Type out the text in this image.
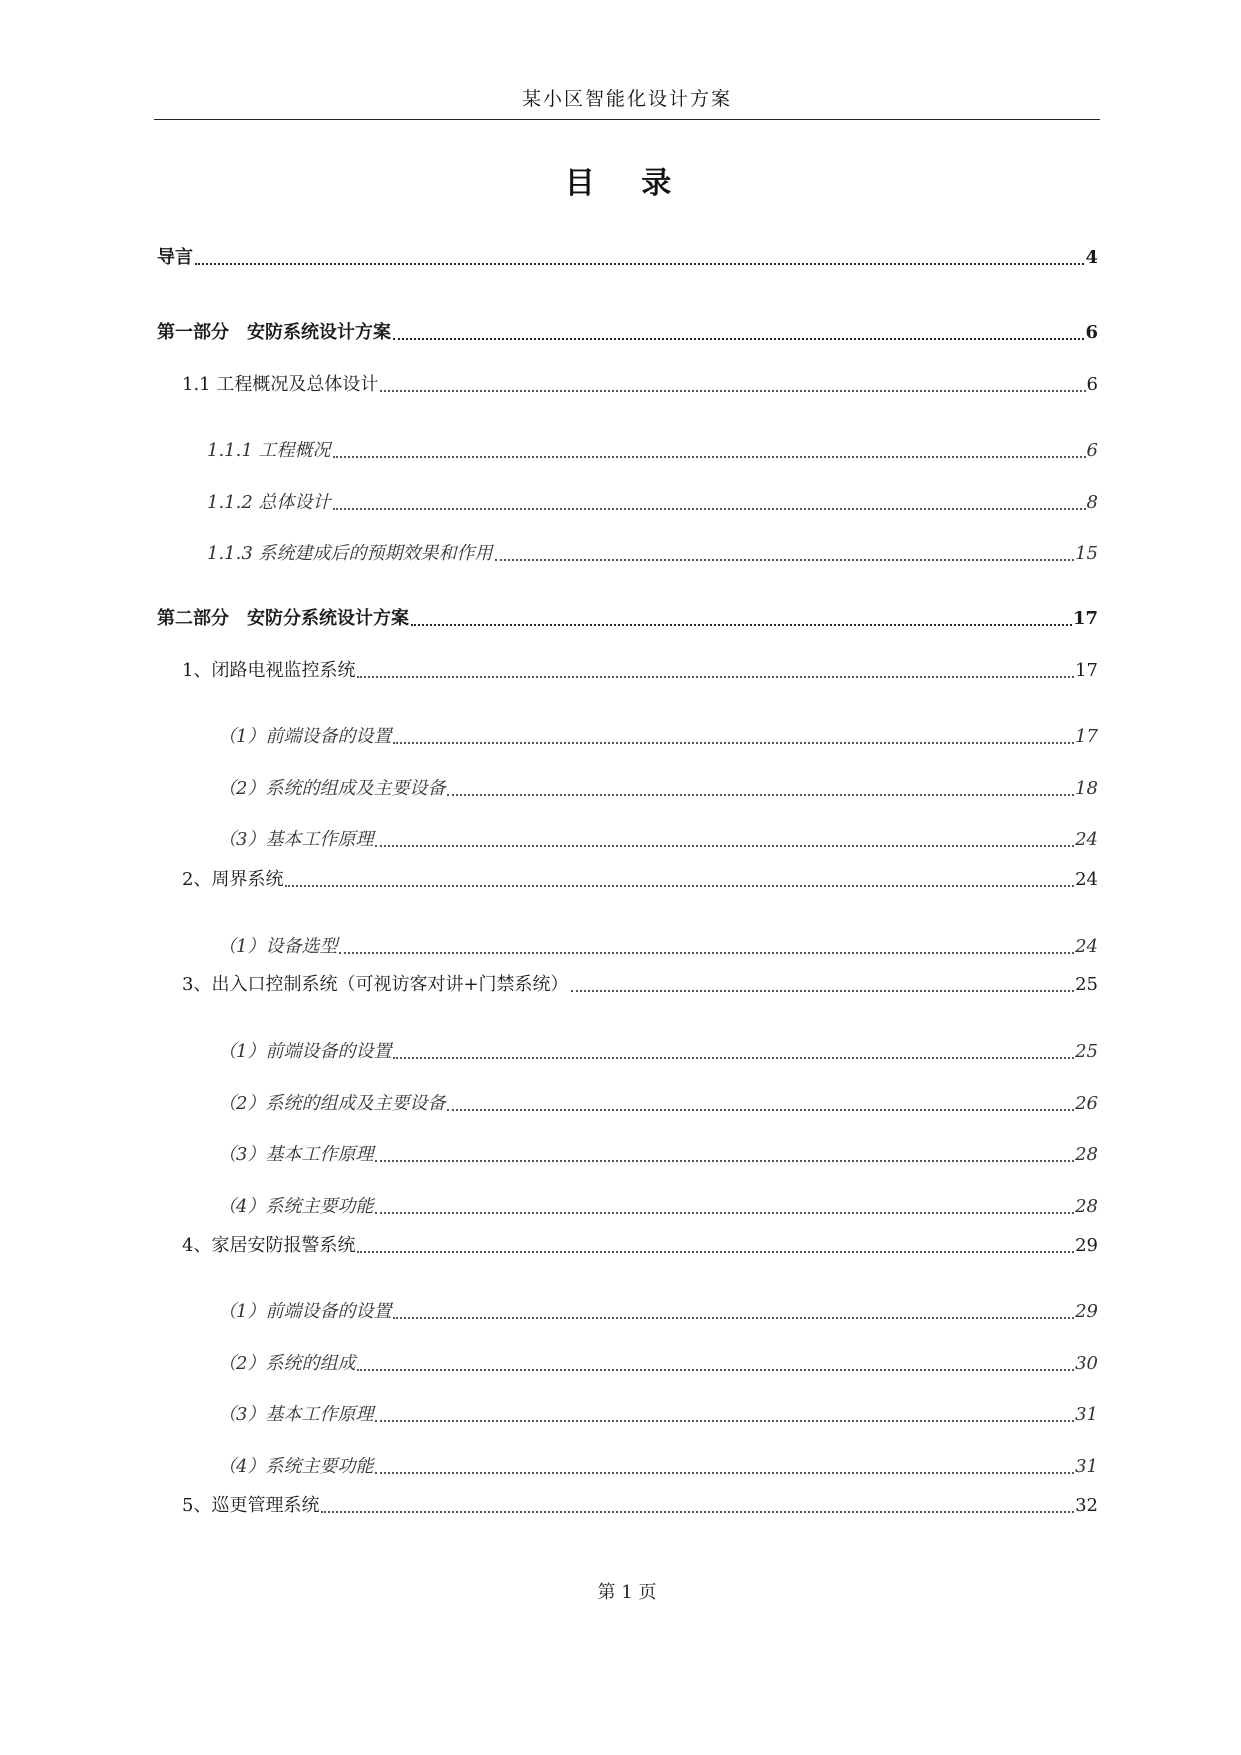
某小区智能化设计方案
目 录
导言	4
第一部分　安防系统设计方案	6
1.1 工程概况及总体设计	6
1.1.1 工程概况	6
1.1.2 总体设计	8
1.1.3 系统建成后的预期效果和作用	15
第二部分　安防分系统设计方案	17
1、闭路电视监控系统	17
（1）前端设备的设置	17
（2）系统的组成及主要设备	18
（3）基本工作原理	24
2、周界系统	24
（1）设备选型	24
3、出入口控制系统（可视访客对讲+门禁系统）	25
（1）前端设备的设置	25
（2）系统的组成及主要设备	26
（3）基本工作原理	28
（4）系统主要功能	28
4、家居安防报警系统	29
（1）前端设备的设置	29
（2）系统的组成	30
（3）基本工作原理	31
（4）系统主要功能	31
5、巡更管理系统	32
第 1 页
